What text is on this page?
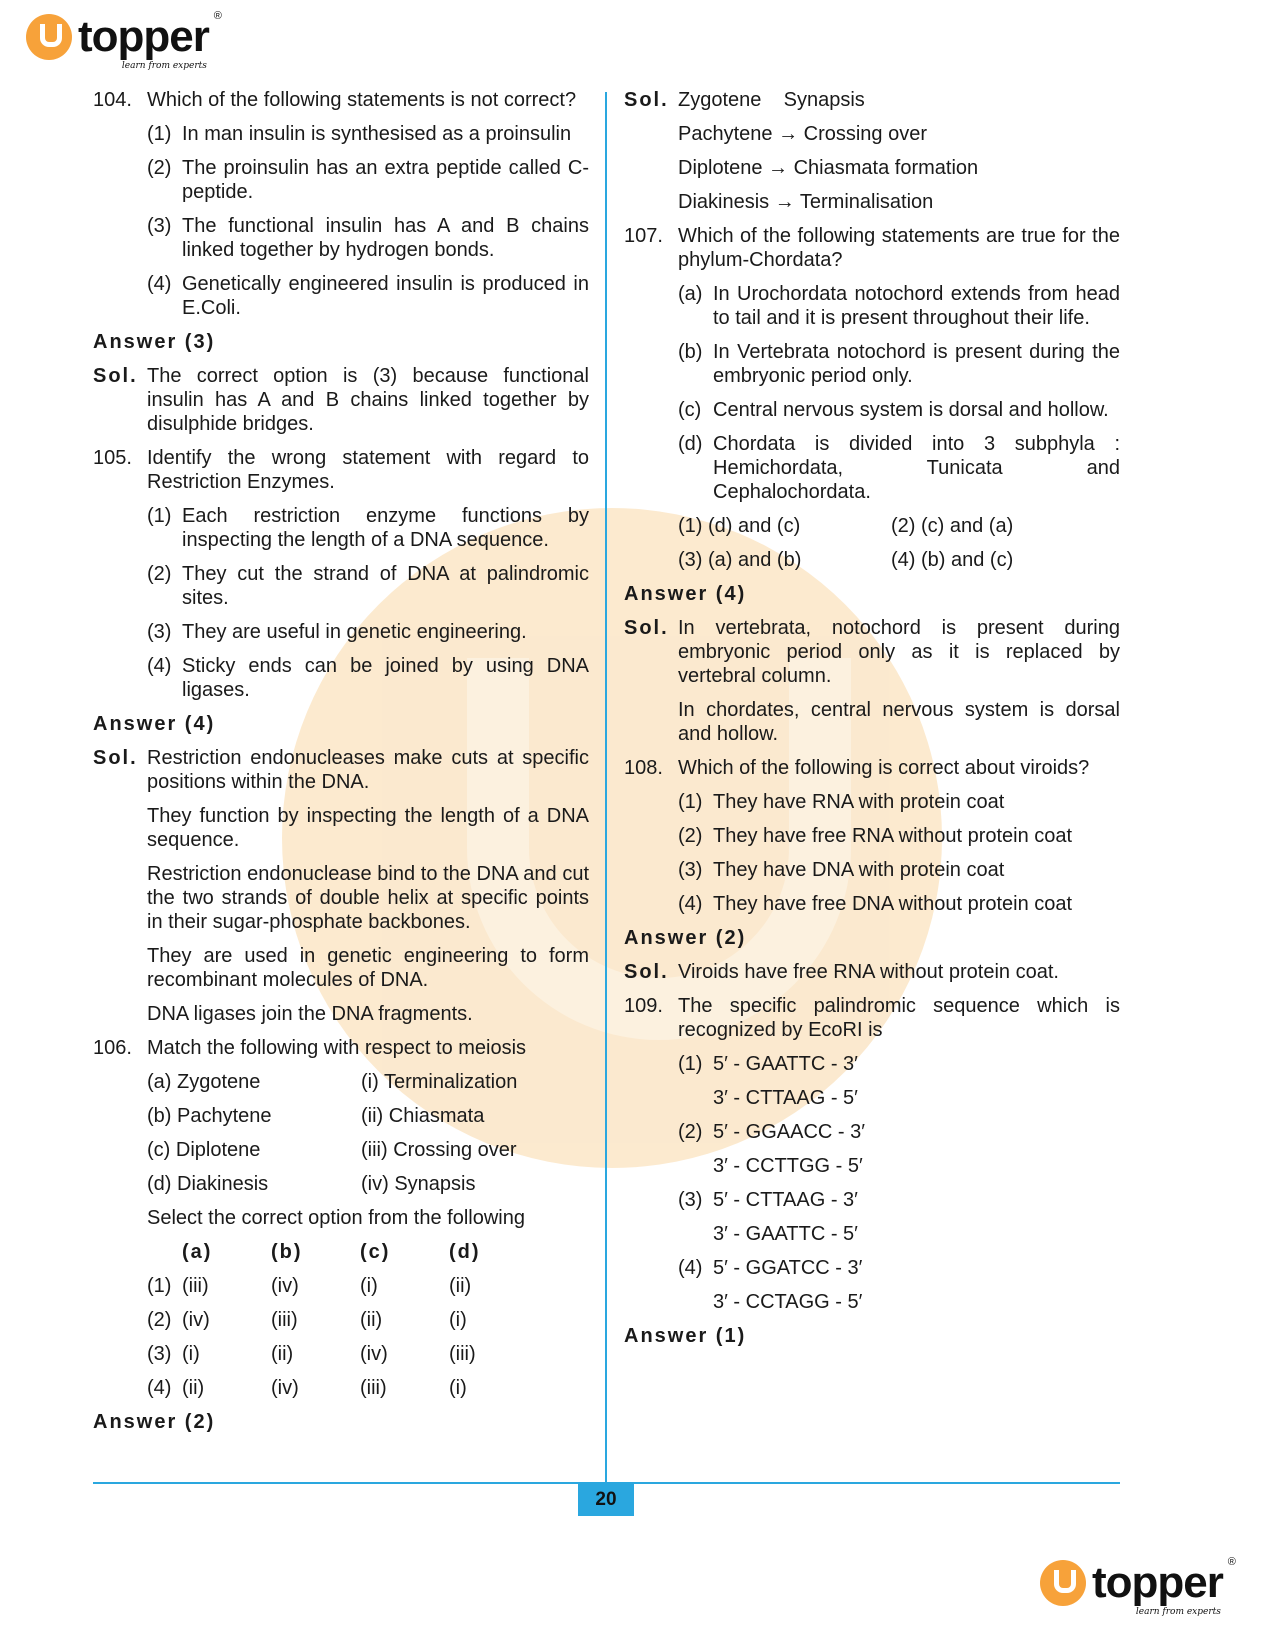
topper ®
learn from experts
104. Which of the following statements is not correct?
(1) In man insulin is synthesised as a proinsulin
(2) The proinsulin has an extra peptide called C-peptide.
(3) The functional insulin has A and B chains linked together by hydrogen bonds.
(4) Genetically engineered insulin is produced in E.Coli.
Answer (3)
Sol. The correct option is (3) because functional insulin has A and B chains linked together by disulphide bridges.
105. Identify the wrong statement with regard to Restriction Enzymes.
(1) Each restriction enzyme functions by inspecting the length of a DNA sequence.
(2) They cut the strand of DNA at palindromic sites.
(3) They are useful in genetic engineering.
(4) Sticky ends can be joined by using DNA ligases.
Answer (4)
Sol. Restriction endonucleases make cuts at specific positions within the DNA.
They function by inspecting the length of a DNA sequence.
Restriction endonuclease bind to the DNA and cut the two strands of double helix at specific points in their sugar-phosphate backbones.
They are used in genetic engineering to form recombinant molecules of DNA.
DNA ligases join the DNA fragments.
106. Match the following with respect to meiosis
(a) Zygotene	(i) Terminalization
(b) Pachytene	(ii) Chiasmata
(c) Diplotene	(iii) Crossing over
(d) Diakinesis	(iv) Synapsis
Select the correct option from the following
(a)	(b)	(c)	(d)
(1) (iii)	(iv)	(i)	(ii)
(2) (iv)	(iii)	(ii)	(i)
(3) (i)	(ii)	(iv)	(iii)
(4) (ii)	(iv)	(iii)	(i)
Answer (2)
Sol. Zygotene    Synapsis
Pachytene → Crossing over
Diplotene → Chiasmata formation
Diakinesis → Terminalisation
107. Which of the following statements are true for the phylum-Chordata?
(a) In Urochordata notochord extends from head to tail and it is present throughout their life.
(b) In Vertebrata notochord is present during the embryonic period only.
(c) Central nervous system is dorsal and hollow.
(d) Chordata is divided into 3 subphyla : Hemichordata, Tunicata and Cephalochordata.
(1) (d) and (c)	(2) (c) and (a)
(3) (a) and (b)	(4) (b) and (c)
Answer (4)
Sol. In vertebrata, notochord is present during embryonic period only as it is replaced by vertebral column.
In chordates, central nervous system is dorsal and hollow.
108. Which of the following is correct about viroids?
(1) They have RNA with protein coat
(2) They have free RNA without protein coat
(3) They have DNA with protein coat
(4) They have free DNA without protein coat
Answer (2)
Sol. Viroids have free RNA without protein coat.
109. The specific palindromic sequence which is recognized by EcoRI is
(1) 5′ - GAATTC - 3′
3′ - CTTAAG - 5′
(2) 5′ - GGAACC - 3′
3′ - CCTTGG - 5′
(3) 5′ - CTTAAG - 3′
3′ - GAATTC - 5′
(4) 5′ - GGATCC - 3′
3′ - CCTAGG - 5′
Answer (1)
20
topper ®
learn from experts
